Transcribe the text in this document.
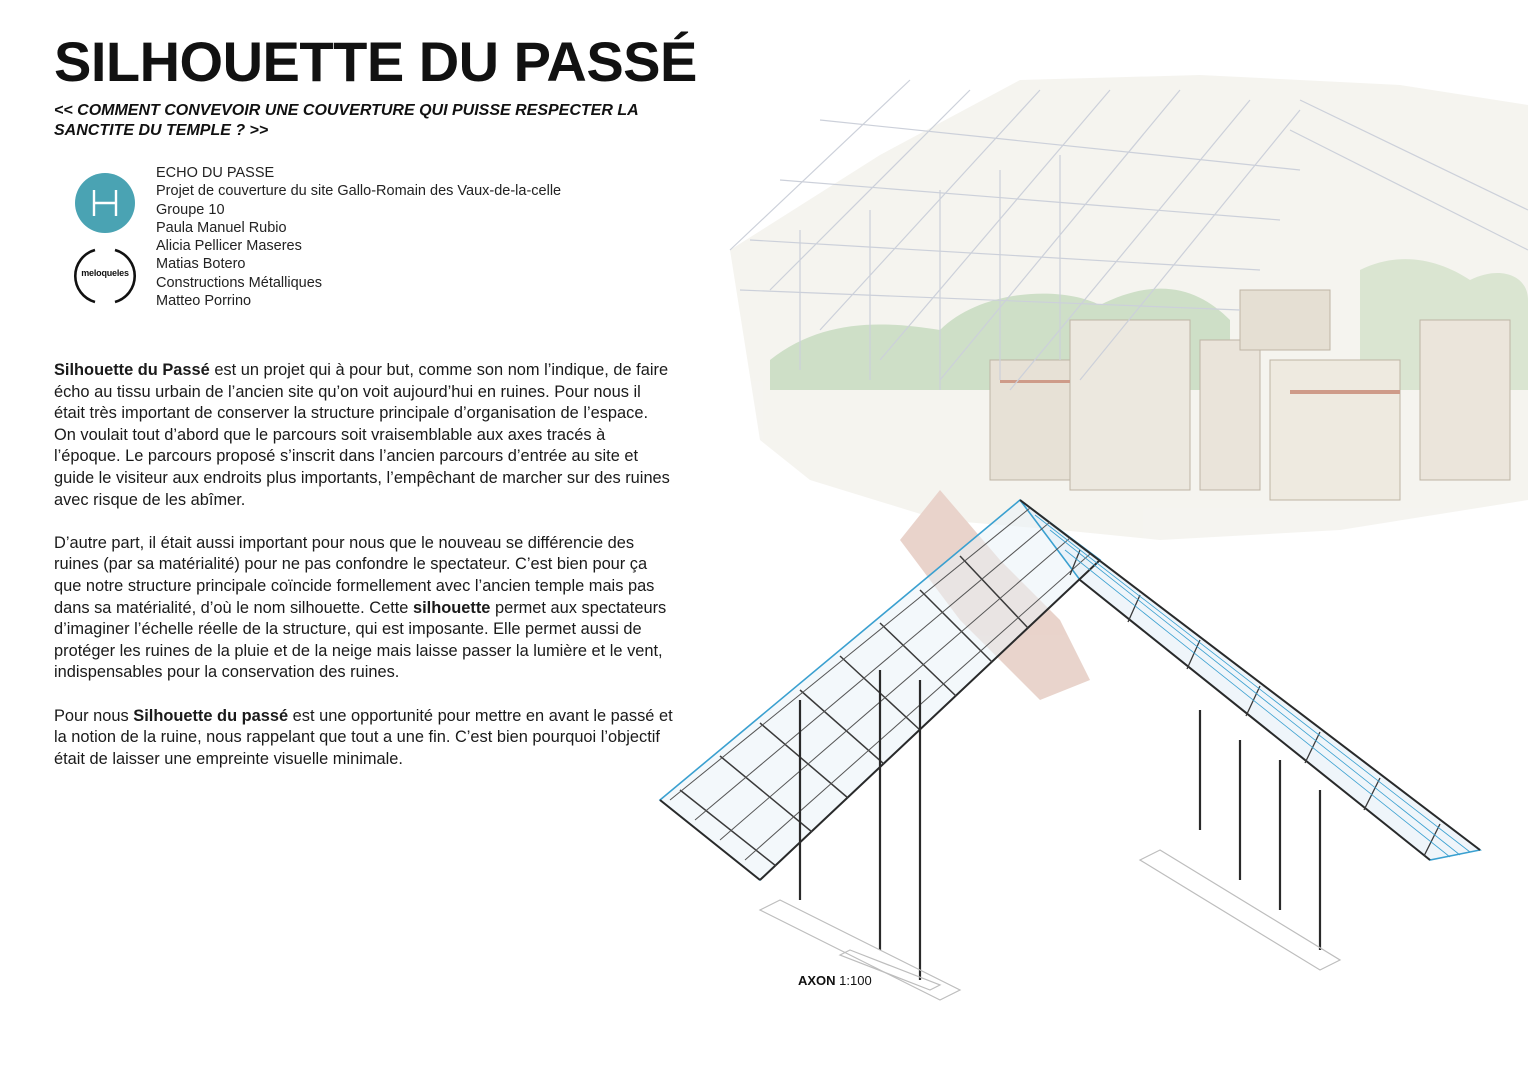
SILHOUETTE DU PASSÉ

<< COMMENT CONVEVOIR UNE COUVERTURE QUI PUISSE RESPECTER LA SANCTITE DU TEMPLE ? >>

meloqueles
ECHO DU PASSE
Projet de couverture du site Gallo-Romain des Vaux-de-la-celle
Groupe 10
Paula Manuel Rubio
Alicia Pellicer Maseres
Matias Botero
Constructions Métalliques
Matteo Porrino

Silhouette du Passé est un projet qui à pour but, comme son nom l’indique, de faire écho au tissu urbain de l’ancien site qu’on voit aujourd’hui en ruines. Pour nous il était très important de conserver la structure principale d’organisation de l’espace. On voulait tout d’abord que le parcours soit vraisemblable aux axes tracés à l’époque. Le parcours proposé s’inscrit dans l’ancien parcours d’entrée au site et guide le visiteur aux endroits plus importants, l’empêchant de marcher sur des ruines avec risque de les abîmer.

D’autre part, il était aussi important pour nous que le nouveau se différencie des ruines (par sa matérialité) pour ne pas confondre le spectateur. C’est bien pour ça que notre structure principale coïncide formellement avec l’ancien temple mais pas dans sa matérialité, d’où le nom silhouette. Cette silhouette permet aux spectateurs d’imaginer l’échelle réelle de la structure, qui est imposante. Elle permet aussi de protéger les ruines de la pluie et de la neige mais laisse passer la lumière et le vent, indispensables pour la conservation des ruines.

Pour nous Silhouette du passé est une opportunité pour mettre en avant le passé et la notion de la ruine, nous rappelant que tout a une fin. C’est bien pourquoi l’objectif était de laisser une empreinte visuelle minimale.

AXON 1:100
